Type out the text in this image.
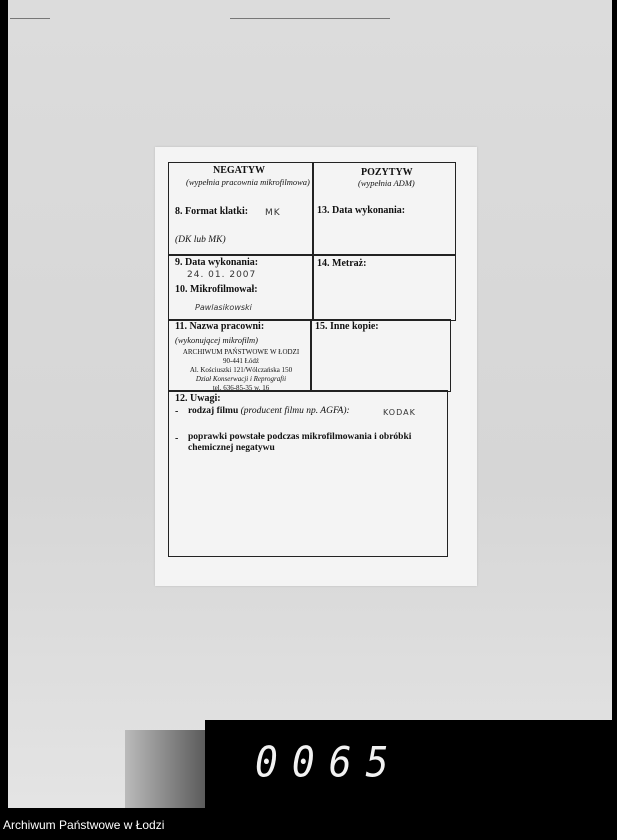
NEGATYW
(wypełnia pracownia mikrofilmowa)
POZYTYW
(wypełnia ADM)
8. Format klatki: MK
(DK lub MK)
13. Data wykonania:
9. Data wykonania:
24. 01. 2007
10. Mikrofilmował:
Pawlasikowski
14. Metraż:
11. Nazwa pracowni:
(wykonującej mikrofilm)
ARCHIWUM PAŃSTWOWE W ŁODZI
90-441 Łódź
Al. Kościuszki 121/Wólczańska 150
Dział Konserwacji i Reprografii
tel. 636-85-35 w. 16
15. Inne kopie:
12. Uwagi:
- rodzaj filmu (producent filmu np. AGFA):	KODAK
- poprawki powstałe podczas mikrofilmowania i obróbki
chemicznej negatywu
0065
Archiwum Państwowe w Łodzi
